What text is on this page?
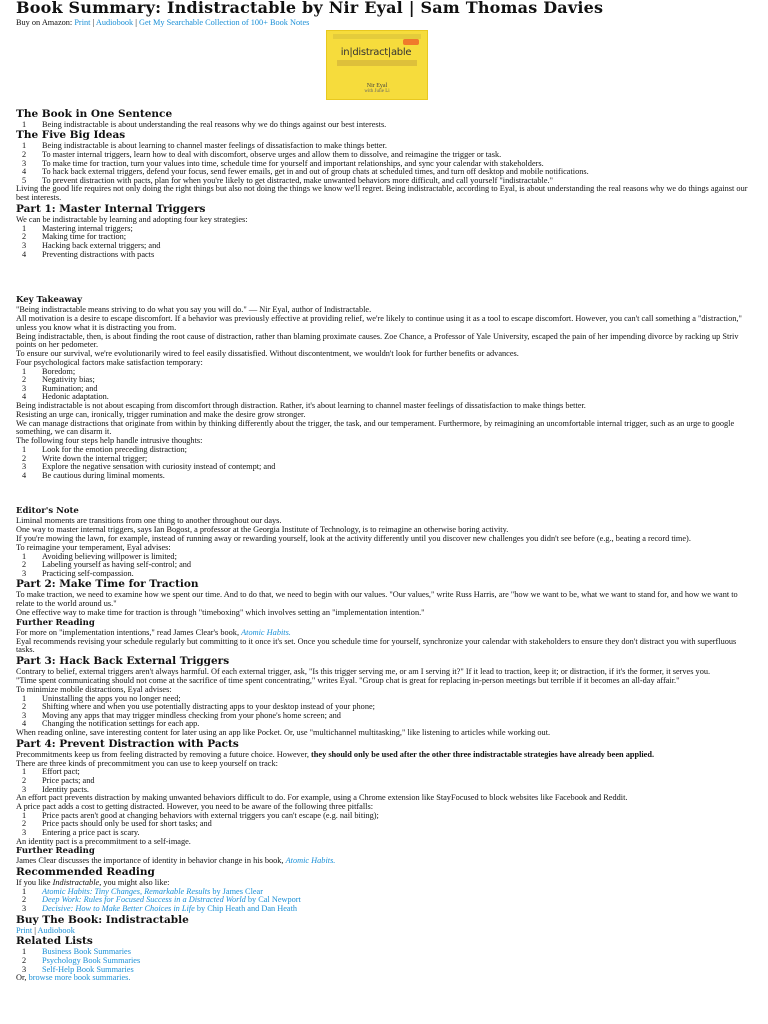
Book Summary: Indistractable by Nir Eyal | Sam Thomas Davies

Buy on Amazon: Print | Audiobook | Get My Searchable Collection of 100+ Book Notes

in|distract|able
Nir Eyal
with Julie Li
The Book in One Sentence
1 Being indistractable is about understanding the real reasons why we do things against our best interests.
The Five Big Ideas
1 Being indistractable is about learning to channel master feelings of dissatisfaction to make things better.
2 To master internal triggers, learn how to deal with discomfort, observe urges and allow them to dissolve, and reimagine the trigger or task.
3 To make time for traction, turn your values into time, schedule time for yourself and important relationships, and sync your calendar with stakeholders.
4 To hack back external triggers, defend your focus, send fewer emails, get in and out of group chats at scheduled times, and turn off desktop and mobile notifications.
5 To prevent distraction with pacts, plan for when you're likely to get distracted, make unwanted behaviors more difficult, and call yourself "indistractable."

Living the good life requires not only doing the right things but also not doing the things we know we'll regret. Being indistractable, according to Eyal, is about understanding the real reasons why we do things against our best interests.

Part 1: Master Internal Triggers

We can be indistractable by learning and adopting four key strategies:

1 Mastering internal triggers;
2 Making time for traction;
3 Hacking back external triggers; and
4 Preventing distractions with pacts
Key Takeaway

"Being indistractable means striving to do what you say you will do." — Nir Eyal, author of Indistractable.

All motivation is a desire to escape discomfort. If a behavior was previously effective at providing relief, we're likely to continue using it as a tool to escape discomfort. However, you can't call something a "distraction," unless you know what it is distracting you from.

Being indistractable, then, is about finding the root cause of distraction, rather than blaming proximate causes. Zoe Chance, a Professor of Yale University, escaped the pain of her impending divorce by racking up Striv points on her pedometer.

To ensure our survival, we're evolutionarily wired to feel easily dissatisfied. Without discontentment, we wouldn't look for further benefits or advances.

Four psychological factors make satisfaction temporary:

1 Boredom;
2 Negativity bias;
3 Rumination; and
4 Hedonic adaptation.

Being indistractable is not about escaping from discomfort through distraction. Rather, it's about learning to channel master feelings of dissatisfaction to make things better.

Resisting an urge can, ironically, trigger rumination and make the desire grow stronger.

We can manage distractions that originate from within by thinking differently about the trigger, the task, and our temperament. Furthermore, by reimagining an uncomfortable internal trigger, such as an urge to google something, we can disarm it.

The following four steps help handle intrusive thoughts:

1 Look for the emotion preceding distraction;
2 Write down the internal trigger;
3 Explore the negative sensation with curiosity instead of contempt; and
4 Be cautious during liminal moments.
Editor's Note

Liminal moments are transitions from one thing to another throughout our days.

One way to master internal triggers, says Ian Bogost, a professor at the Georgia Institute of Technology, is to reimagine an otherwise boring activity.

If you're mowing the lawn, for example, instead of running away or rewarding yourself, look at the activity differently until you discover new challenges you didn't see before (e.g., beating a record time).

To reimagine your temperament, Eyal advises:

1 Avoiding believing willpower is limited;
2 Labeling yourself as having self-control; and
3 Practicing self-compassion.
Part 2: Make Time for Traction

To make traction, we need to examine how we spent our time. And to do that, we need to begin with our values. "Our values," write Russ Harris, are "how we want to be, what we want to stand for, and how we want to relate to the world around us."

One effective way to make time for traction is through "timeboxing" which involves setting an "implementation intention."

Further Reading

For more on "implementation intentions," read James Clear's book, Atomic Habits.

Eyal recommends revising your schedule regularly but committing to it once it's set. Once you schedule time for yourself, synchronize your calendar with stakeholders to ensure they don't distract you with superfluous tasks.

Part 3: Hack Back External Triggers

Contrary to belief, external triggers aren't always harmful. Of each external trigger, ask, "Is this trigger serving me, or am I serving it?" If it lead to traction, keep it; or distraction, if it's the former, it serves you.

"Time spent communicating should not come at the sacrifice of time spent concentrating," writes Eyal. "Group chat is great for replacing in-person meetings but terrible if it becomes an all-day affair."

To minimize mobile distractions, Eyal advises:

1 Uninstalling the apps you no longer need;
2 Shifting where and when you use potentially distracting apps to your desktop instead of your phone;
3 Moving any apps that may trigger mindless checking from your phone's home screen; and
4 Changing the notification settings for each app.

When reading online, save interesting content for later using an app like Pocket. Or, use "multichannel multitasking," like listening to articles while working out.

Part 4: Prevent Distraction with Pacts

Precommitments keep us from feeling distracted by removing a future choice. However, they should only be used after the other three indistractable strategies have already been applied.

There are three kinds of precommitment you can use to keep yourself on track:

1 Effort pact;
2 Price pacts; and
3 Identity pacts.

An effort pact prevents distraction by making unwanted behaviors difficult to do. For example, using a Chrome extension like StayFocused to block websites like Facebook and Reddit.

A price pact adds a cost to getting distracted. However, you need to be aware of the following three pitfalls:

1 Price pacts aren't good at changing behaviors with external triggers you can't escape (e.g. nail biting);
2 Price pacts should only be used for short tasks; and
3 Entering a price pact is scary.

An identity pact is a precommitment to a self-image.

Further Reading

James Clear discusses the importance of identity in behavior change in his book, Atomic Habits.

Recommended Reading

If you like Indistractable, you might also like:

1 Atomic Habits: Tiny Changes, Remarkable Results by James Clear
2 Deep Work: Rules for Focused Success in a Distracted World by Cal Newport
3 Decisive: How to Make Better Choices in Life by Chip Heath and Dan Heath
Buy The Book: Indistractable

Print | Audiobook

Related Lists
1 Business Book Summaries
2 Psychology Book Summaries
3 Self-Help Book Summaries

Or, browse more book summaries.
